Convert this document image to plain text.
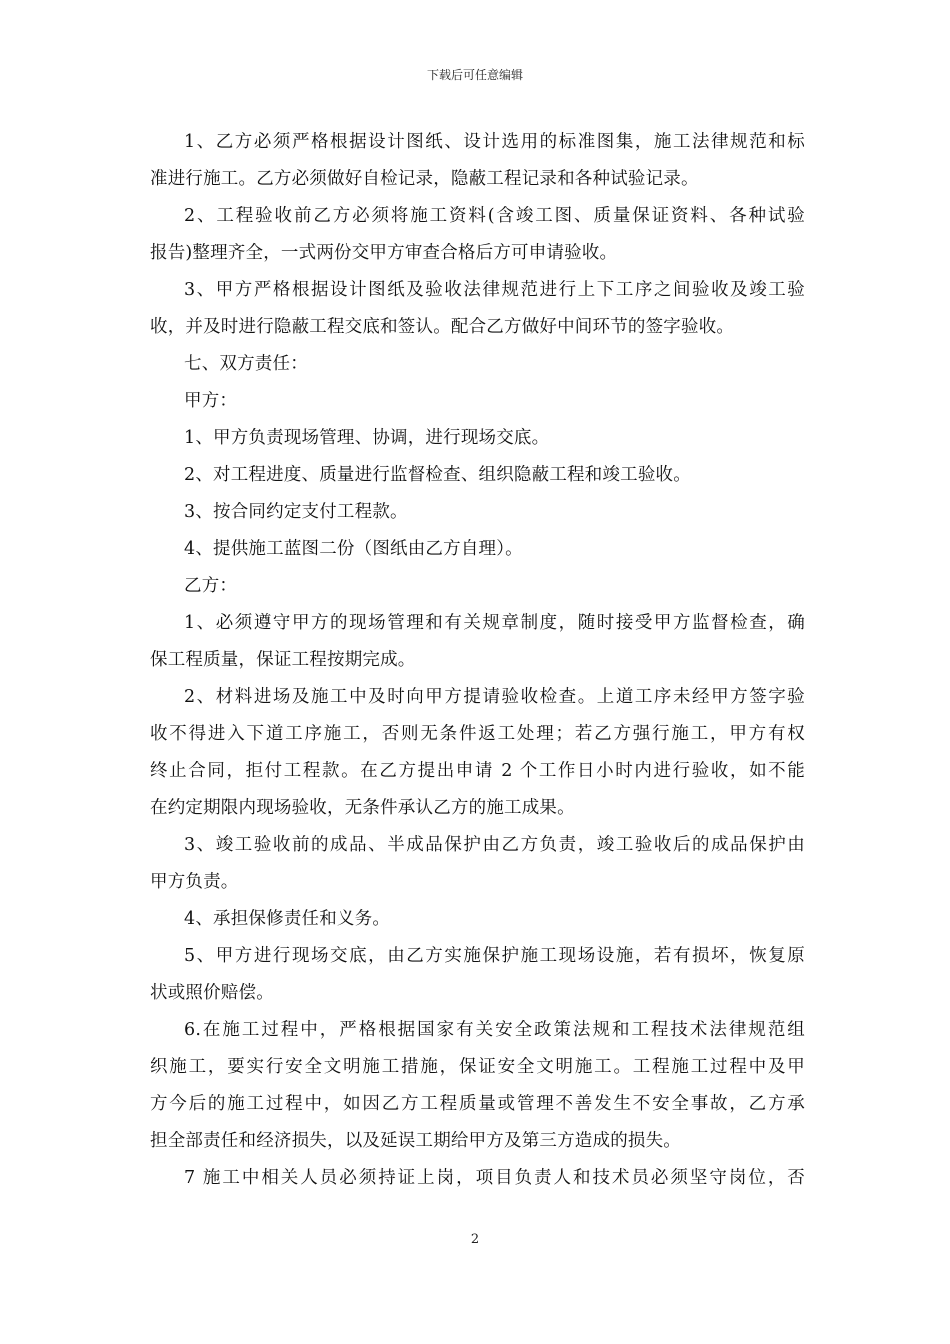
下载后可任意编辑
1、乙方必须严格根据设计图纸、设计选用的标准图集，施工法律规范和标
准进行施工。乙方必须做好自检记录，隐蔽工程记录和各种试验记录。
2、工程验收前乙方必须将施工资料(含竣工图、质量保证资料、各种试验
报告)整理齐全，一式两份交甲方审查合格后方可申请验收。
3、甲方严格根据设计图纸及验收法律规范进行上下工序之间验收及竣工验
收，并及时进行隐蔽工程交底和签认。配合乙方做好中间环节的签字验收。
七、双方责任：
甲方：
1、甲方负责现场管理、协调，进行现场交底。
2、对工程进度、质量进行监督检查、组织隐蔽工程和竣工验收。
3、按合同约定支付工程款。
4、提供施工蓝图二份（图纸由乙方自理）。
乙方：
1、必须遵守甲方的现场管理和有关规章制度，随时接受甲方监督检查，确
保工程质量，保证工程按期完成。
2、材料进场及施工中及时向甲方提请验收检查。上道工序未经甲方签字验
收不得进入下道工序施工，否则无条件返工处理；若乙方强行施工，甲方有权
终止合同，拒付工程款。在乙方提出申请 2 个工作日小时内进行验收，如不能
在约定期限内现场验收，无条件承认乙方的施工成果。
3、竣工验收前的成品、半成品保护由乙方负责，竣工验收后的成品保护由
甲方负责。
4、承担保修责任和义务。
5、甲方进行现场交底，由乙方实施保护施工现场设施，若有损坏，恢复原
状或照价赔偿。
6.在施工过程中，严格根据国家有关安全政策法规和工程技术法律规范组
织施工，要实行安全文明施工措施，保证安全文明施工。工程施工过程中及甲
方今后的施工过程中，如因乙方工程质量或管理不善发生不安全事故，乙方承
担全部责任和经济损失，以及延误工期给甲方及第三方造成的损失。
7 施工中相关人员必须持证上岗，项目负责人和技术员必须坚守岗位，否
2
